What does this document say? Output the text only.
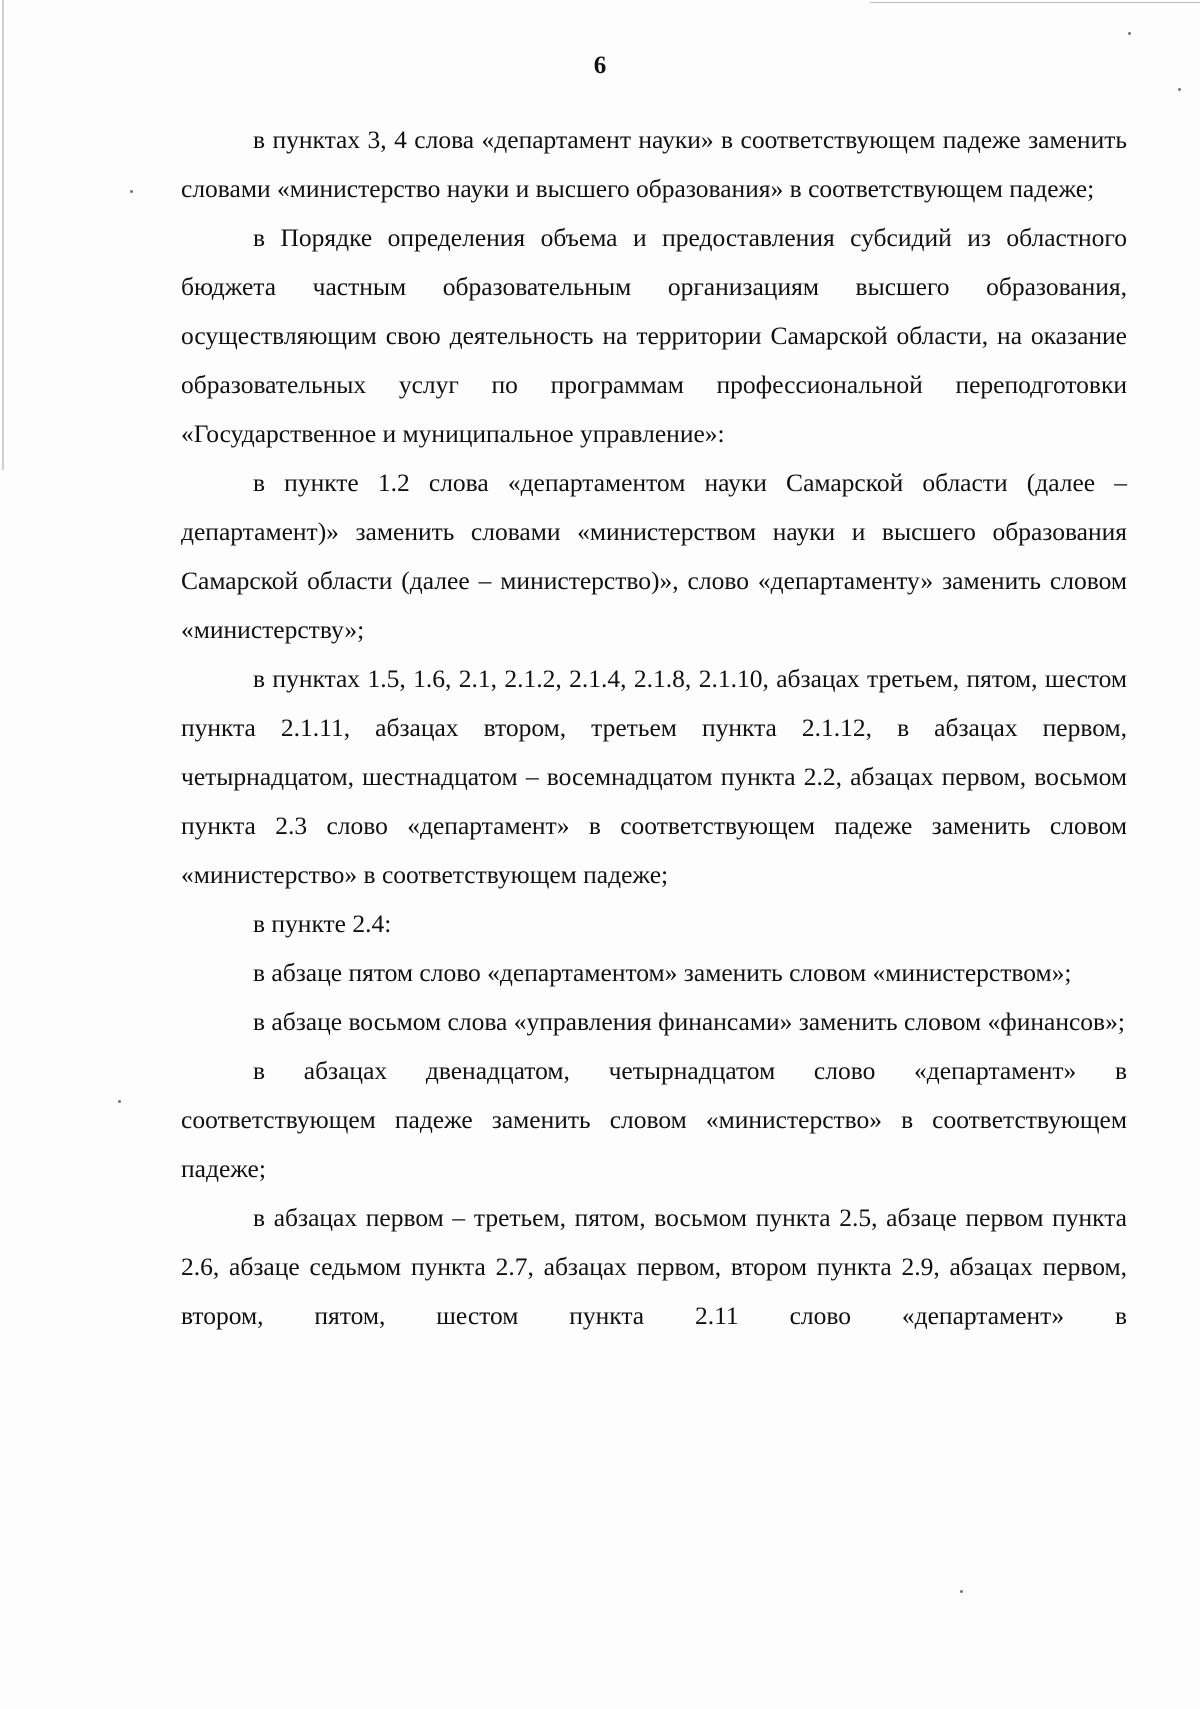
6

в пунктах 3, 4 слова «департамент науки» в соответствующем падеже заменить словами «министерство науки и высшего образования» в соответствующем падеже;

в Порядке определения объема и предоставления субсидий из областного бюджета частным образовательным организациям высшего образования, осуществляющим свою деятельность на территории Самарской области, на оказание образовательных услуг по программам профессиональной переподготовки «Государственное и муниципальное управление»:

в пункте 1.2 слова «департаментом науки Самарской области (далее – департамент)» заменить словами «министерством науки и высшего образования Самарской области (далее – министерство)», слово «департаменту» заменить словом «министерству»;

в пунктах 1.5, 1.6, 2.1, 2.1.2, 2.1.4, 2.1.8, 2.1.10, абзацах третьем, пятом, шестом пункта 2.1.11, абзацах втором, третьем пункта 2.1.12, в абзацах первом, четырнадцатом, шестнадцатом – восемнадцатом пункта 2.2, абзацах первом, восьмом пункта 2.3 слово «департамент» в соответствующем падеже заменить словом «министерство» в соответствующем падеже;

в пункте 2.4:

в абзаце пятом слово «департаментом» заменить словом «министерством»;

в абзаце восьмом слова «управления финансами» заменить словом «финансов»;

в абзацах двенадцатом, четырнадцатом слово «департамент» в соответствующем падеже заменить словом «министерство» в соответствующем падеже;

в абзацах первом – третьем, пятом, восьмом пункта 2.5, абзаце первом пункта 2.6, абзаце седьмом пункта 2.7, абзацах первом, втором пункта 2.9, абзацах первом, втором, пятом, шестом пункта 2.11 слово «департамент» в
